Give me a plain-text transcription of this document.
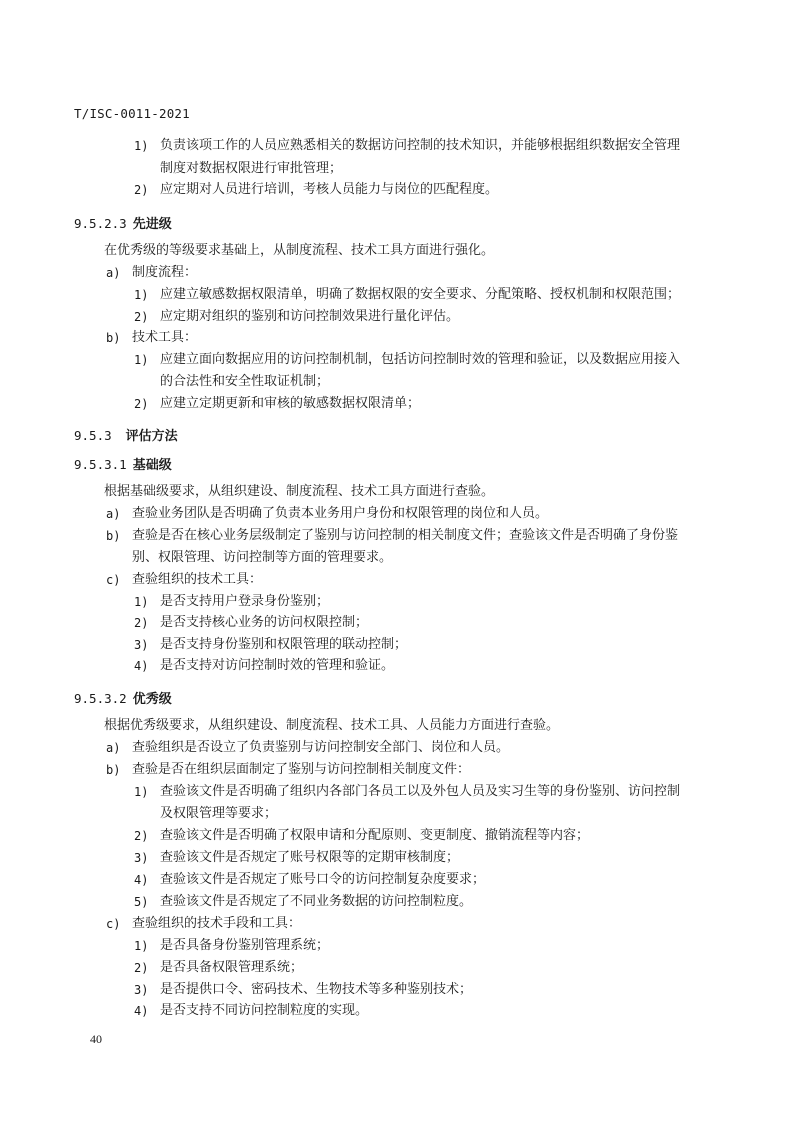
T/ISC-0011-2021
1) 负责该项工作的人员应熟悉相关的数据访问控制的技术知识，并能够根据组织数据安全管理
制度对数据权限进行审批管理；
2) 应定期对人员进行培训，考核人员能力与岗位的匹配程度。
9.5.2.3 先进级
在优秀级的等级要求基础上，从制度流程、技术工具方面进行强化。
a) 制度流程：
1) 应建立敏感数据权限清单，明确了数据权限的安全要求、分配策略、授权机制和权限范围；
2) 应定期对组织的鉴别和访问控制效果进行量化评估。
b) 技术工具：
1) 应建立面向数据应用的访问控制机制，包括访问控制时效的管理和验证，以及数据应用接入
的合法性和安全性取证机制；
2) 应建立定期更新和审核的敏感数据权限清单；
9.5.3 评估方法
9.5.3.1 基础级
根据基础级要求，从组织建设、制度流程、技术工具方面进行查验。
a) 查验业务团队是否明确了负责本业务用户身份和权限管理的岗位和人员。
b) 查验是否在核心业务层级制定了鉴别与访问控制的相关制度文件；查验该文件是否明确了身份鉴
别、权限管理、访问控制等方面的管理要求。
c) 查验组织的技术工具：
1) 是否支持用户登录身份鉴别；
2) 是否支持核心业务的访问权限控制；
3) 是否支持身份鉴别和权限管理的联动控制；
4) 是否支持对访问控制时效的管理和验证。
9.5.3.2 优秀级
根据优秀级要求，从组织建设、制度流程、技术工具、人员能力方面进行查验。
a) 查验组织是否设立了负责鉴别与访问控制安全部门、岗位和人员。
b) 查验是否在组织层面制定了鉴别与访问控制相关制度文件：
1) 查验该文件是否明确了组织内各部门各员工以及外包人员及实习生等的身份鉴别、访问控制
及权限管理等要求；
2) 查验该文件是否明确了权限申请和分配原则、变更制度、撤销流程等内容；
3) 查验该文件是否规定了账号权限等的定期审核制度；
4) 查验该文件是否规定了账号口令的访问控制复杂度要求；
5) 查验该文件是否规定了不同业务数据的访问控制粒度。
c) 查验组织的技术手段和工具：
1) 是否具备身份鉴别管理系统；
2) 是否具备权限管理系统；
3) 是否提供口令、密码技术、生物技术等多种鉴别技术；
4) 是否支持不同访问控制粒度的实现。
40
